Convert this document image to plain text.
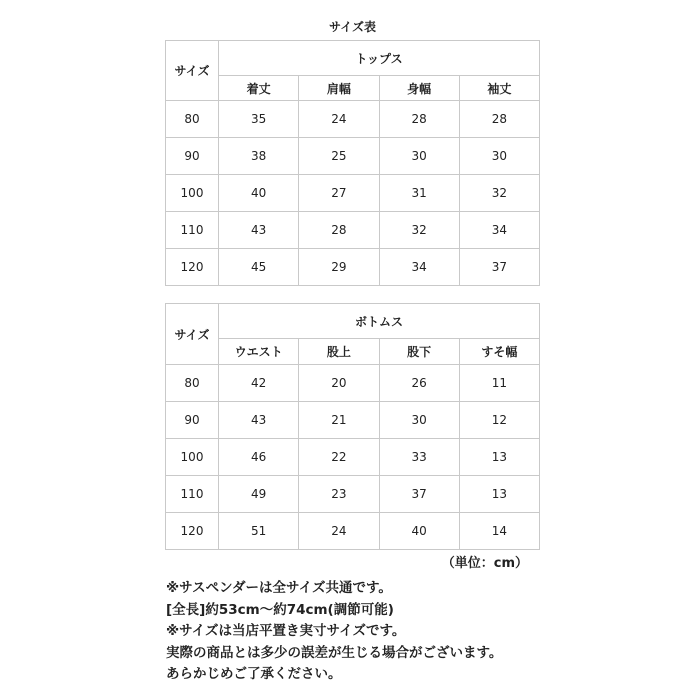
サイズ表
サイズ	トップス			
	着丈	肩幅	身幅	袖丈
80	35	24	28	28
90	38	25	30	30
100	40	27	31	32
110	43	28	32	34
120	45	29	34	37
サイズ	ボトムス			
	ウエスト	股上	股下	すそ幅
80	42	20	26	11
90	43	21	30	12
100	46	22	33	13
110	49	23	37	13
120	51	24	40	14
（単位：cm）
※サスペンダーは全サイズ共通です。
[全長]約53cm〜約74cm(調節可能)
※サイズは当店平置き実寸サイズです。
実際の商品とは多少の誤差が生じる場合がございます。
あらかじめご了承ください。
